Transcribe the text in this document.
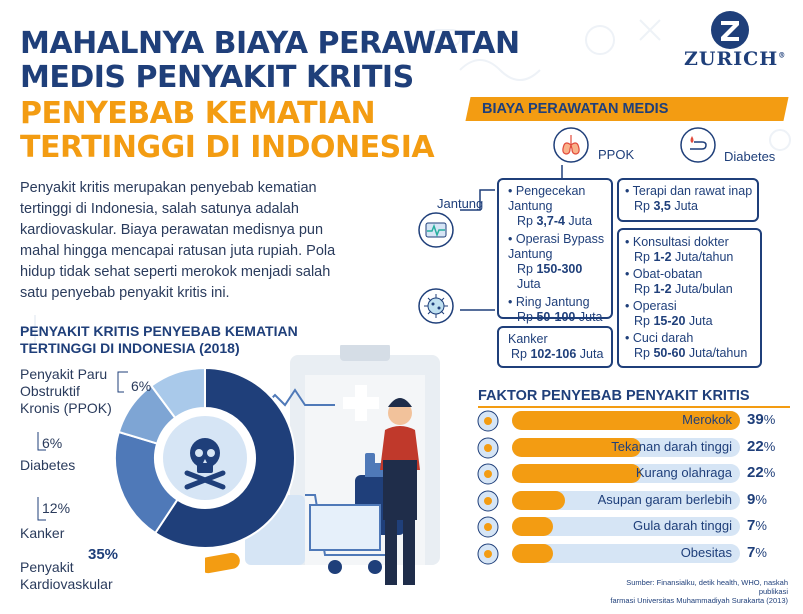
ZURICH®
MAHALNYA BIAYA PERAWATAN
MEDIS PENYAKIT KRITIS
PENYEBAB KEMATIAN
TERTINGGI DI INDONESIA
Penyakit kritis merupakan penyebab kematian tertinggi di Indonesia, salah satunya adalah kardiovaskular. Biaya perawatan medisnya pun mahal hingga mencapai ratusan juta rupiah. Pola hidup tidak sehat seperti merokok menjadi salah satu penyebab penyakit kritis ini.
BIAYA PERAWATAN MEDIS
PPOK	Diabetes
Jantung
• Pengecekan Jantung
Rp 3,7-4 Juta
• Operasi Bypass Jantung
Rp 150-300 Juta
• Ring Jantung
Rp 50-100 Juta
Kanker
Rp 102-106 Juta
• Terapi dan rawat inap
Rp 3,5 Juta
• Konsultasi dokter
Rp 1-2 Juta/tahun
• Obat-obatan
Rp 1-2 Juta/bulan
• Operasi
Rp 15-20 Juta
• Cuci darah
Rp 50-60 Juta/tahun
PENYAKIT KRITIS PENYEBAB KEMATIAN
TERTINGGI DI INDONESIA (2018)
Penyakit Paru
Obstruktif
Kronis (PPOK)
6%
6%
Diabetes
12%
Kanker
35%
Penyakit
Kardiovaskular
FAKTOR PENYEBAB PENYAKIT KRITIS
Merokok 39%
Tekanan darah tinggi 22%
Kurang olahraga 22%
Asupan garam berlebih 9%
Gula darah tinggi 7%
Obesitas 7%
Sumber: Finansialku, detik health, WHO, naskah publikasi
farmasi Universitas Muhammadiyah Surakarta (2013)
